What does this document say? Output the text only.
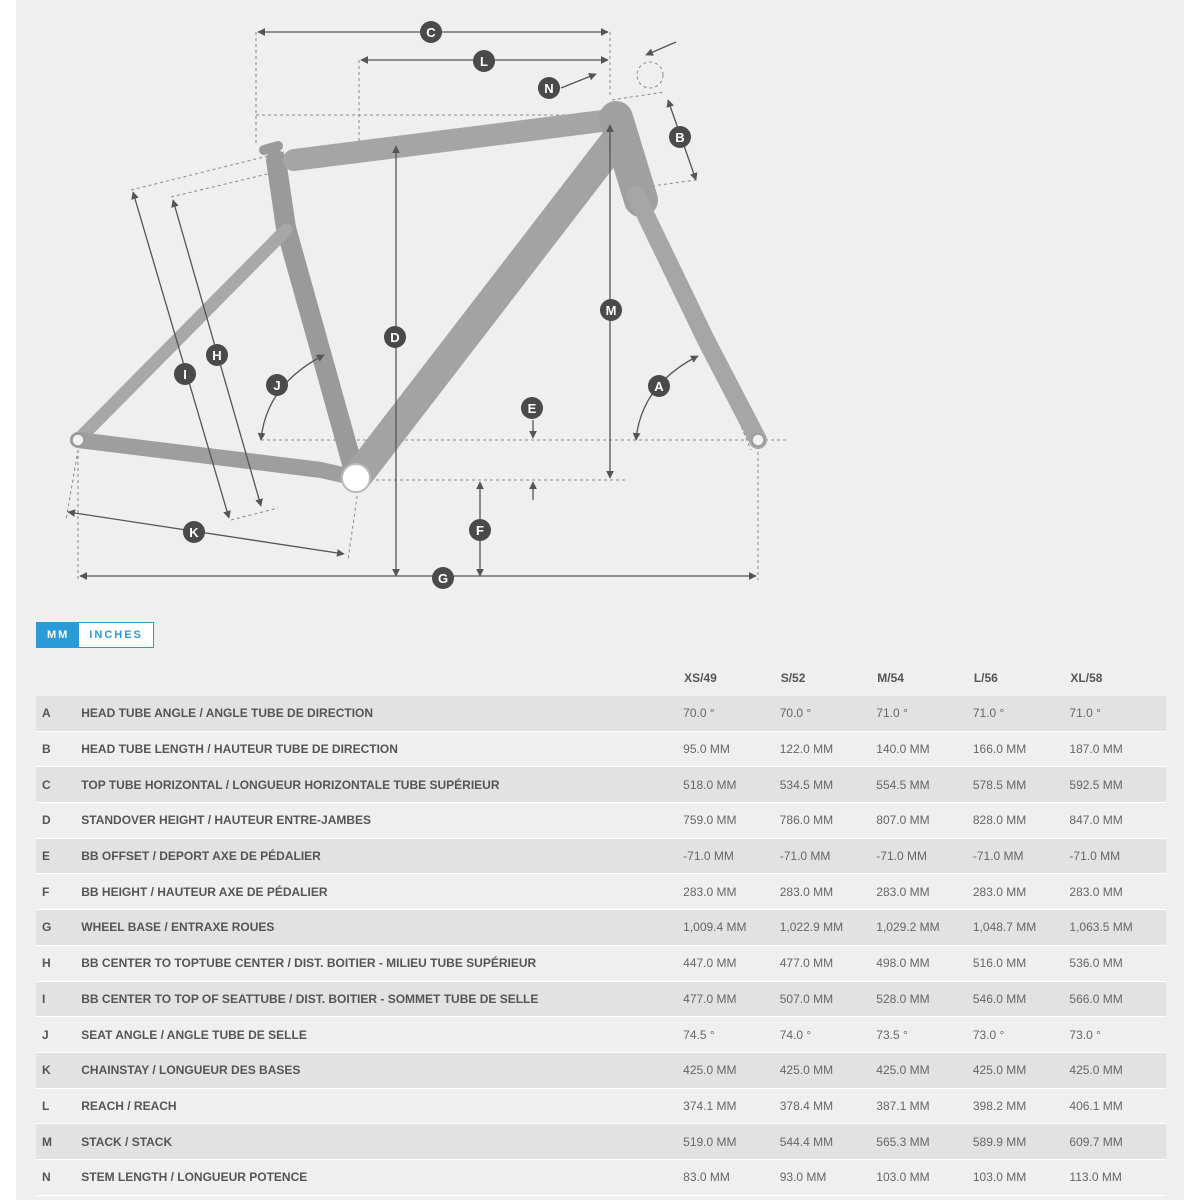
C
L
N
B
M
D
H
I
J	A
E
F
K
G
MM	INCHES
		XS/49	S/52	M/54	L/56	XL/58
A	HEAD TUBE ANGLE / ANGLE TUBE DE DIRECTION	70.0 °	70.0 °	71.0 °	71.0 °	71.0 °
B	HEAD TUBE LENGTH / HAUTEUR TUBE DE DIRECTION	95.0 MM	122.0 MM	140.0 MM	166.0 MM	187.0 MM
C	TOP TUBE HORIZONTAL / LONGUEUR HORIZONTALE TUBE SUPÉRIEUR	518.0 MM	534.5 MM	554.5 MM	578.5 MM	592.5 MM
D	STANDOVER HEIGHT / HAUTEUR ENTRE-JAMBES	759.0 MM	786.0 MM	807.0 MM	828.0 MM	847.0 MM
E	BB OFFSET / DEPORT AXE DE PÉDALIER	-71.0 MM	-71.0 MM	-71.0 MM	-71.0 MM	-71.0 MM
F	BB HEIGHT / HAUTEUR AXE DE PÉDALIER	283.0 MM	283.0 MM	283.0 MM	283.0 MM	283.0 MM
G	WHEEL BASE / ENTRAXE ROUES	1,009.4 MM	1,022.9 MM	1,029.2 MM	1,048.7 MM	1,063.5 MM
H	BB CENTER TO TOPTUBE CENTER / DIST. BOITIER - MILIEU TUBE SUPÉRIEUR	447.0 MM	477.0 MM	498.0 MM	516.0 MM	536.0 MM
I	BB CENTER TO TOP OF SEATTUBE / DIST. BOITIER - SOMMET TUBE DE SELLE	477.0 MM	507.0 MM	528.0 MM	546.0 MM	566.0 MM
J	SEAT ANGLE / ANGLE TUBE DE SELLE	74.5 °	74.0 °	73.5 °	73.0 °	73.0 °
K	CHAINSTAY / LONGUEUR DES BASES	425.0 MM	425.0 MM	425.0 MM	425.0 MM	425.0 MM
L	REACH / REACH	374.1 MM	378.4 MM	387.1 MM	398.2 MM	406.1 MM
M	STACK / STACK	519.0 MM	544.4 MM	565.3 MM	589.9 MM	609.7 MM
N	STEM LENGTH / LONGUEUR POTENCE	83.0 MM	93.0 MM	103.0 MM	103.0 MM	113.0 MM
